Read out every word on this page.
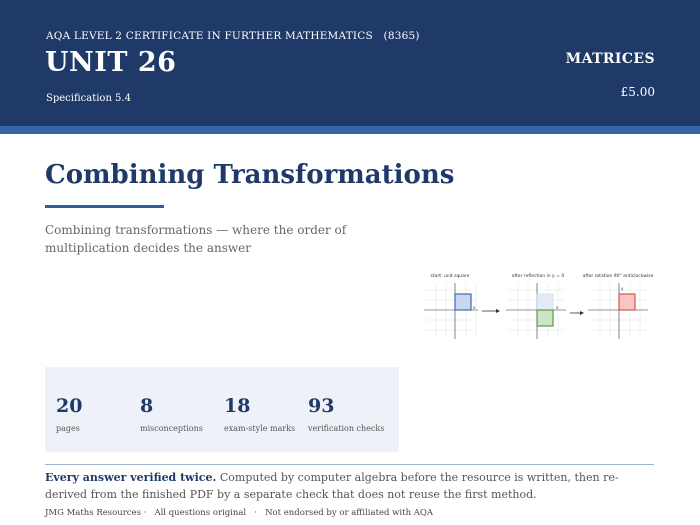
AQA LEVEL 2 CERTIFICATE IN FURTHER MATHEMATICS (8365)
UNIT 26
Specification 5.4
MATRICES
£5.00
Combining Transformations
Combining transformations — where the order of multiplication decides the answer
start: unit square
x
after reflection in y = 0
x
after rotation 90° anticlockwise
y
20
pages
8
misconceptions
18
exam-style marks
93
verification checks
Every answer verified twice. Computed by computer algebra before the resource is written, then re-derived from the finished PDF by a separate check that does not reuse the first method.
JMG Maths Resources · All questions original · Not endorsed by or affiliated with AQA
